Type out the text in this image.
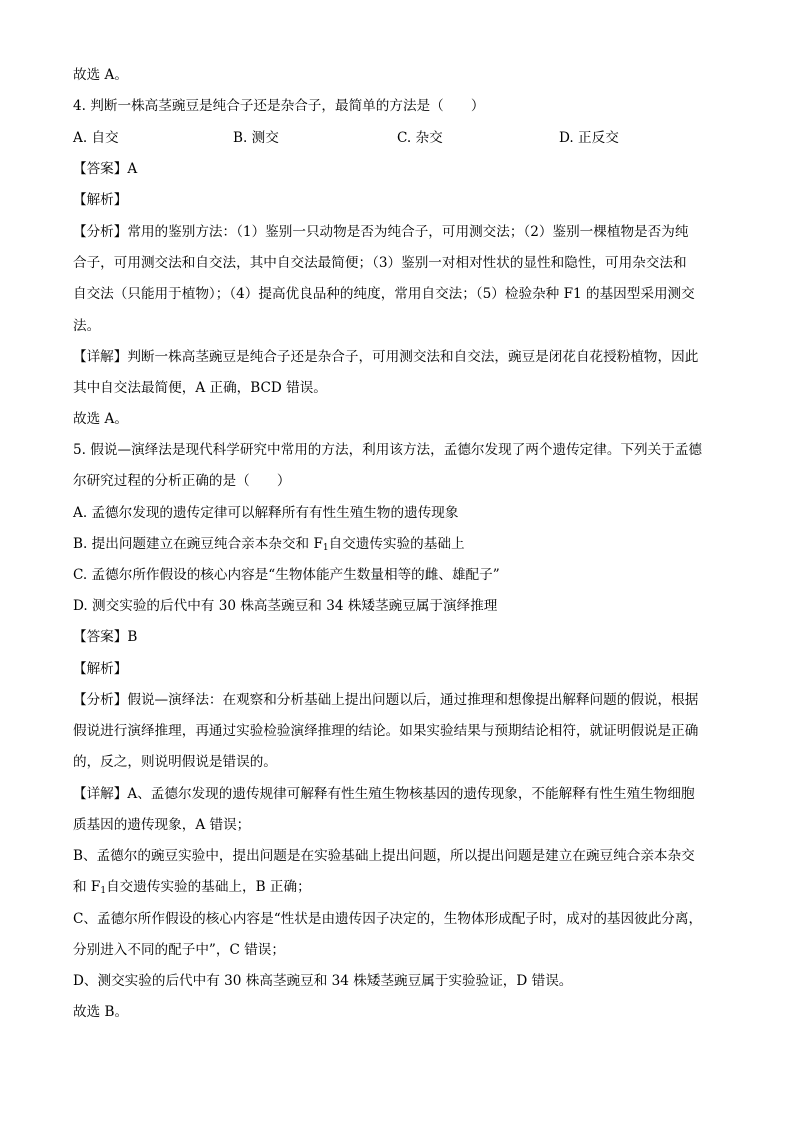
故选 A。
4. 判断一株高茎豌豆是纯合子还是杂合子，最简单的方法是（　　）
A. 自交	B. 测交	C. 杂交	D. 正反交
【答案】A
【解析】
【分析】常用的鉴别方法：（1）鉴别一只动物是否为纯合子，可用测交法；（2）鉴别一棵植物是否为纯
合子，可用测交法和自交法，其中自交法最简便；（3）鉴别一对相对性状的显性和隐性，可用杂交法和
自交法（只能用于植物）；（4）提高优良品种的纯度，常用自交法；（5）检验杂种 F1 的基因型采用测交
法。
【详解】判断一株高茎豌豆是纯合子还是杂合子，可用测交法和自交法，豌豆是闭花自花授粉植物，因此
其中自交法最简便，A 正确，BCD 错误。
故选 A。
5. 假说—演绎法是现代科学研究中常用的方法，利用该方法，孟德尔发现了两个遗传定律。下列关于孟德
尔研究过程的分析正确的是（　　）
A. 孟德尔发现的遗传定律可以解释所有有性生殖生物的遗传现象
B. 提出问题建立在豌豆纯合亲本杂交和 $F_1$自交遗传实验的基础上
C. 孟德尔所作假设的核心内容是“生物体能产生数量相等的雌、雄配子”
D. 测交实验的后代中有 30 株高茎豌豆和 34 株矮茎豌豆属于演绎推理
【答案】B
【解析】
【分析】假说—演绎法：在观察和分析基础上提出问题以后，通过推理和想像提出解释问题的假说，根据
假说进行演绎推理，再通过实验检验演绎推理的结论。如果实验结果与预期结论相符，就证明假说是正确
的，反之，则说明假说是错误的。
【详解】A、孟德尔发现的遗传规律可解释有性生殖生物核基因的遗传现象，不能解释有性生殖生物细胞
质基因的遗传现象，A 错误；
B、孟德尔的豌豆实验中，提出问题是在实验基础上提出问题，所以提出问题是建立在豌豆纯合亲本杂交
和 $F_1$自交遗传实验的基础上，B 正确；
C、孟德尔所作假设的核心内容是“性状是由遗传因子决定的，生物体形成配子时，成对的基因彼此分离，
分别进入不同的配子中”，C 错误；
D、测交实验的后代中有 30 株高茎豌豆和 34 株矮茎豌豆属于实验验证，D 错误。
故选 B。
